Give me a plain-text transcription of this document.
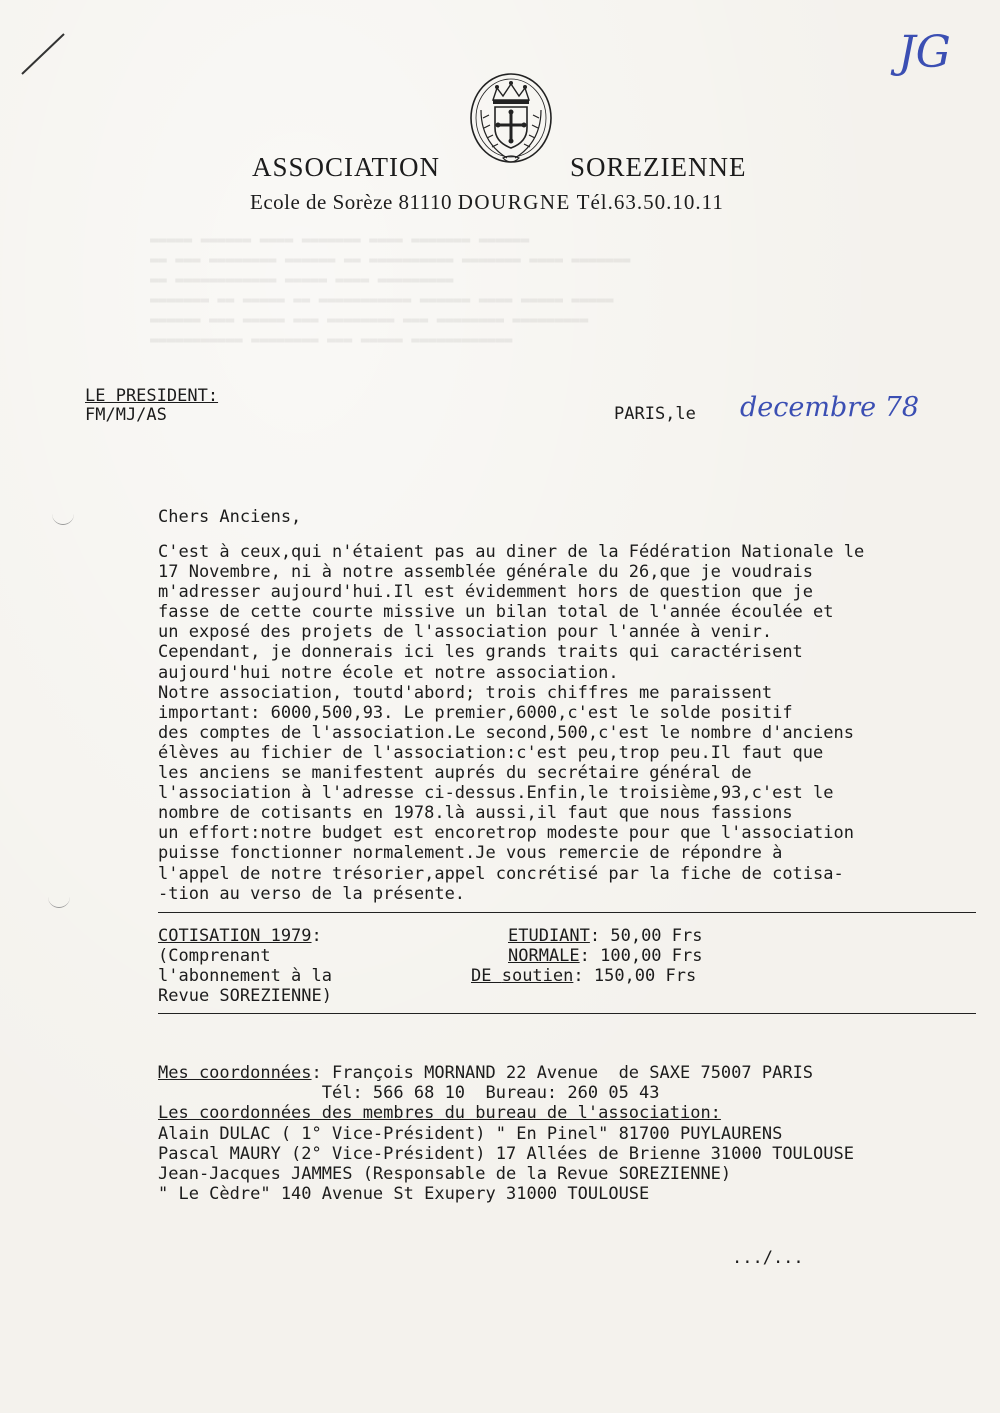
▬▬▬▬▬ ▬▬▬▬▬▬ ▬▬▬▬ ▬▬▬▬▬▬▬ ▬▬▬▬ ▬▬▬▬▬▬▬ ▬▬▬▬▬▬
▬▬ ▬▬▬ ▬▬▬▬▬▬▬▬ ▬▬▬▬▬▬ ▬▬ ▬▬▬▬▬▬▬▬▬▬ ▬▬▬▬▬▬▬ ▬▬▬▬ ▬▬▬▬▬▬▬
▬▬ ▬▬▬▬▬▬▬▬▬▬▬▬ ▬▬▬▬▬ ▬▬▬▬ ▬▬▬▬▬▬▬▬▬
▬▬▬▬▬▬▬ ▬▬ ▬▬▬▬▬ ▬▬ ▬▬▬▬▬▬▬▬▬▬▬ ▬▬▬▬▬▬ ▬▬▬▬ ▬▬▬▬▬ ▬▬▬▬▬
▬▬▬▬▬▬ ▬▬▬ ▬▬▬▬▬ ▬▬▬ ▬▬▬▬▬▬▬▬ ▬▬▬ ▬▬▬▬▬▬▬▬ ▬▬▬▬▬▬▬▬▬
▬▬▬▬▬▬▬▬▬▬▬ ▬▬▬▬▬▬▬▬ ▬▬▬ ▬▬▬▬▬ ▬▬▬▬▬▬▬▬▬▬▬▬

JG
ASSOCIATION	SOREZIENNE
Ecole de Sorèze 81110 DOURGNE Tél.63.50.10.11
LE PRESIDENT:
FM/MJ/AS	PARIS,le decembre 78
Chers Anciens,
C'est à ceux,qui n'étaient pas au diner de la Fédération Nationale le
17 Novembre, ni à notre assemblée générale du 26,que je voudrais
m'adresser aujourd'hui.Il est évidemment hors de question que je
fasse de cette courte missive un bilan total de l'année écoulée et
un exposé des projets de l'association pour l'année à venir.
Cependant, je donnerais ici les grands traits qui caractérisent
aujourd'hui notre école et notre association.
Notre association, toutd'abord; trois chiffres me paraissent
important: 6000,500,93. Le premier,6000,c'est le solde positif
des comptes de l'association.Le second,500,c'est le nombre d'anciens
élèves au fichier de l'association:c'est peu,trop peu.Il faut que
les anciens se manifestent auprés du secrétaire général de
l'association à l'adresse ci-dessus.Enfin,le troisième,93,c'est le
nombre de cotisants en 1978.là aussi,il faut que nous fassions
un effort:notre budget est encoretrop modeste pour que l'association
puisse fonctionner normalement.Je vous remercie de répondre à
l'appel de notre trésorier,appel concrétisé par la fiche de cotisa-
-tion au verso de la présente.
COTISATION 1979:
(Comprenant
l'abonnement à la
Revue SOREZIENNE)
ETUDIANT: 50,00 Frs
NORMALE: 100,00 Frs
DE soutien: 150,00 Frs
Mes coordonnées: François MORNAND 22 Avenue  de SAXE 75007 PARIS
Tél: 566 68 10  Bureau: 260 05 43
Les coordonnées des membres du bureau de l'association:
Alain DULAC ( 1° Vice-Président) " En Pinel" 81700 PUYLAURENS
Pascal MAURY (2° Vice-Président) 17 Allées de Brienne 31000 TOULOUSE
Jean-Jacques JAMMES (Responsable de la Revue SOREZIENNE)
" Le Cèdre" 140 Avenue St Exupery 31000 TOULOUSE
.../...
